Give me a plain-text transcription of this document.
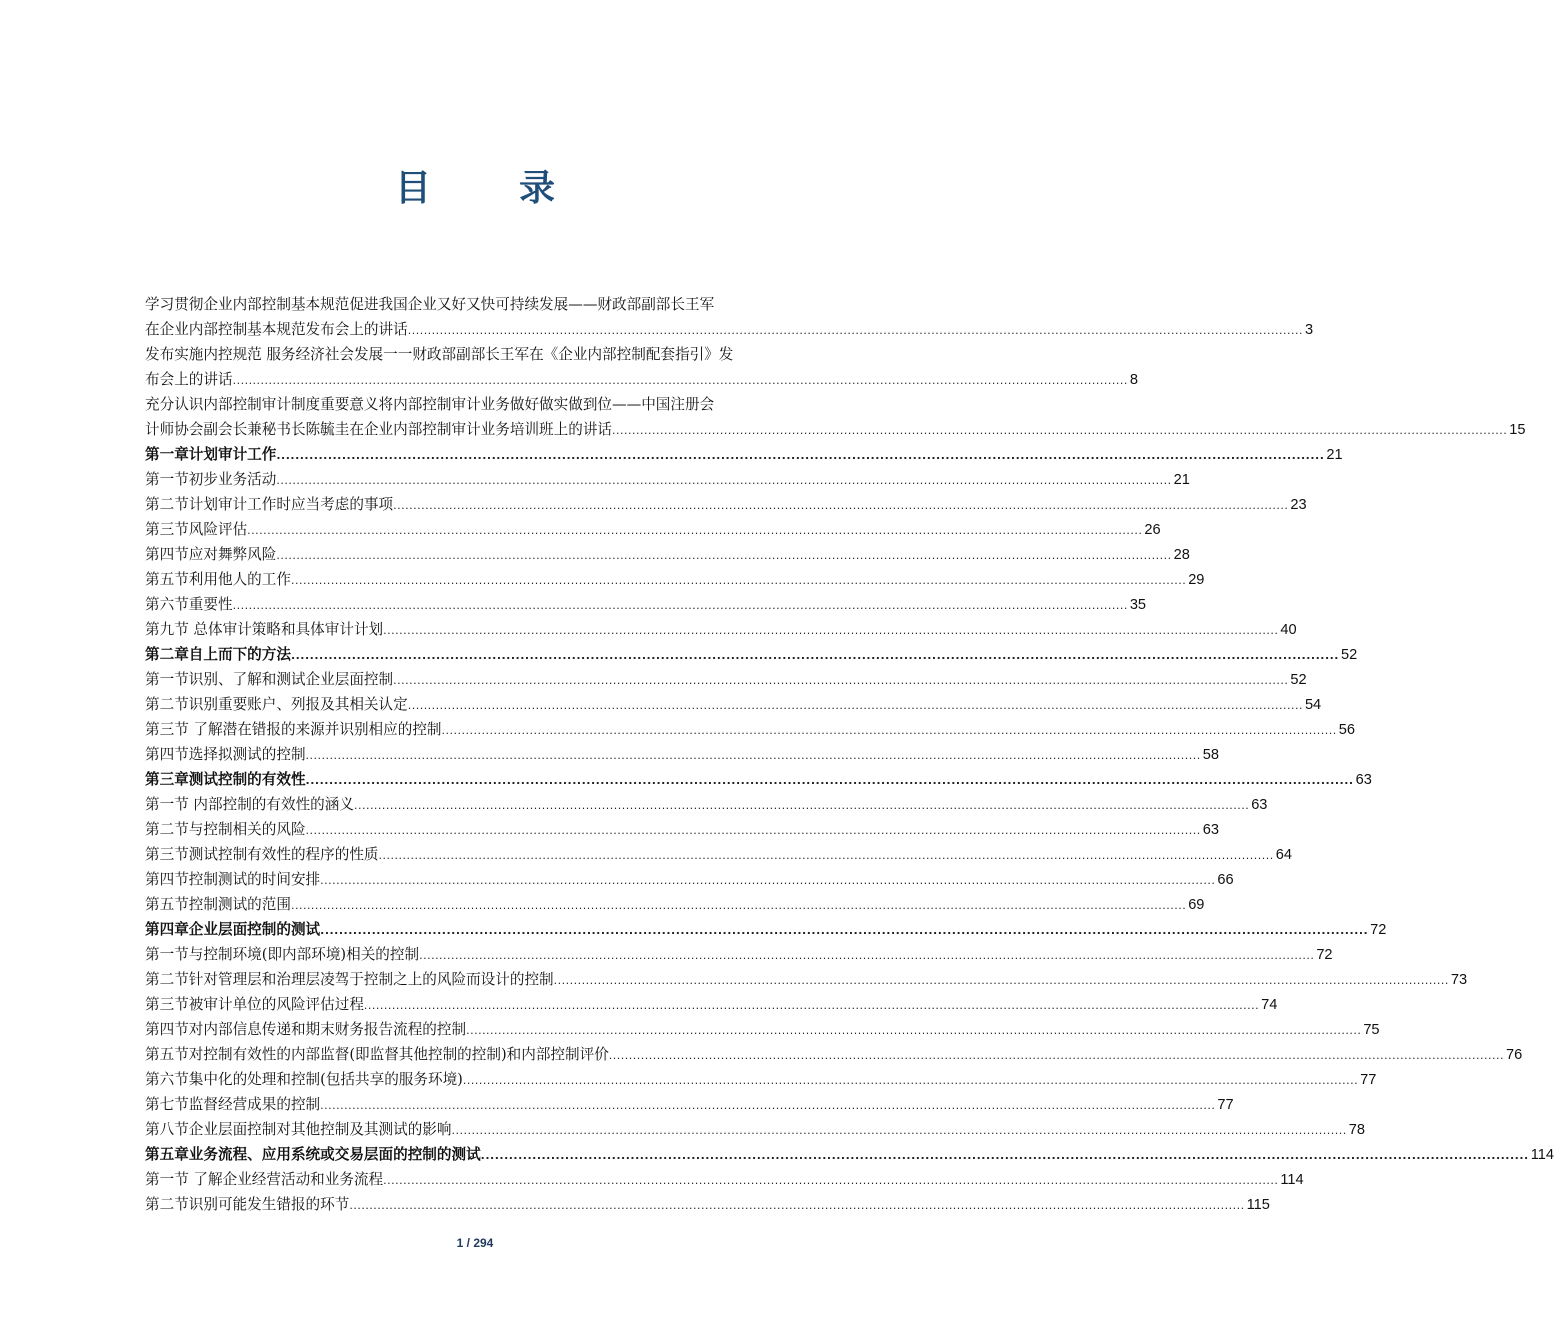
目　录
学习贯彻企业内部控制基本规范促进我国企业又好又快可持续发展——财政部副部长王军
在企业内部控制基本规范发布会上的讲话 .....	3
发布实施内控规范 服务经济社会发展一一财政部副部长王军在《企业内部控制配套指引》发
布会上的讲话 .....	8
充分认识内部控制审计制度重要意义将内部控制审计业务做好做实做到位——中国注册会
计师协会副会长兼秘书长陈毓圭在企业内部控制审计业务培训班上的讲话 .....	15
第一章计划审计工作 .....	21
第一节初步业务活动 .....	21
第二节计划审计工作时应当考虑的事项 .....	23
第三节风险评估 .....	26
第四节应对舞弊风险 .....	28
第五节利用他人的工作 .....	29
第六节重要性 .....	35
第九节 总体审计策略和具体审计计划 .....	40
第二章自上而下的方法 .....	52
第一节识别、了解和测试企业层面控制 .....	52
第二节识别重要账户、列报及其相关认定 .....	54
第三节 了解潜在错报的来源并识别相应的控制 .....	56
第四节选择拟测试的控制 .....	58
第三章测试控制的有效性 .....	63
第一节 内部控制的有效性的涵义 .....	63
第二节与控制相关的风险 .....	63
第三节测试控制有效性的程序的性质 .....	64
第四节控制测试的时间安排 .....	66
第五节控制测试的范围 .....	69
第四章企业层面控制的测试 .....	72
第一节与控制环境(即内部环境)相关的控制 .....	72
第二节针对管理层和治理层凌驾于控制之上的风险而设计的控制 .....	73
第三节被审计单位的风险评估过程 .....	74
第四节对内部信息传递和期末财务报告流程的控制 .....	75
第五节对控制有效性的内部监督(即监督其他控制的控制)和内部控制评价 .....	76
第六节集中化的处理和控制(包括共享的服务环境) .....	77
第七节监督经营成果的控制 .....	77
第八节企业层面控制对其他控制及其测试的影响 .....	78
第五章业务流程、应用系统或交易层面的控制的测试 .....	114
第一节 了解企业经营活动和业务流程 .....	114
第二节识别可能发生错报的环节 .....	115
1 / 294
